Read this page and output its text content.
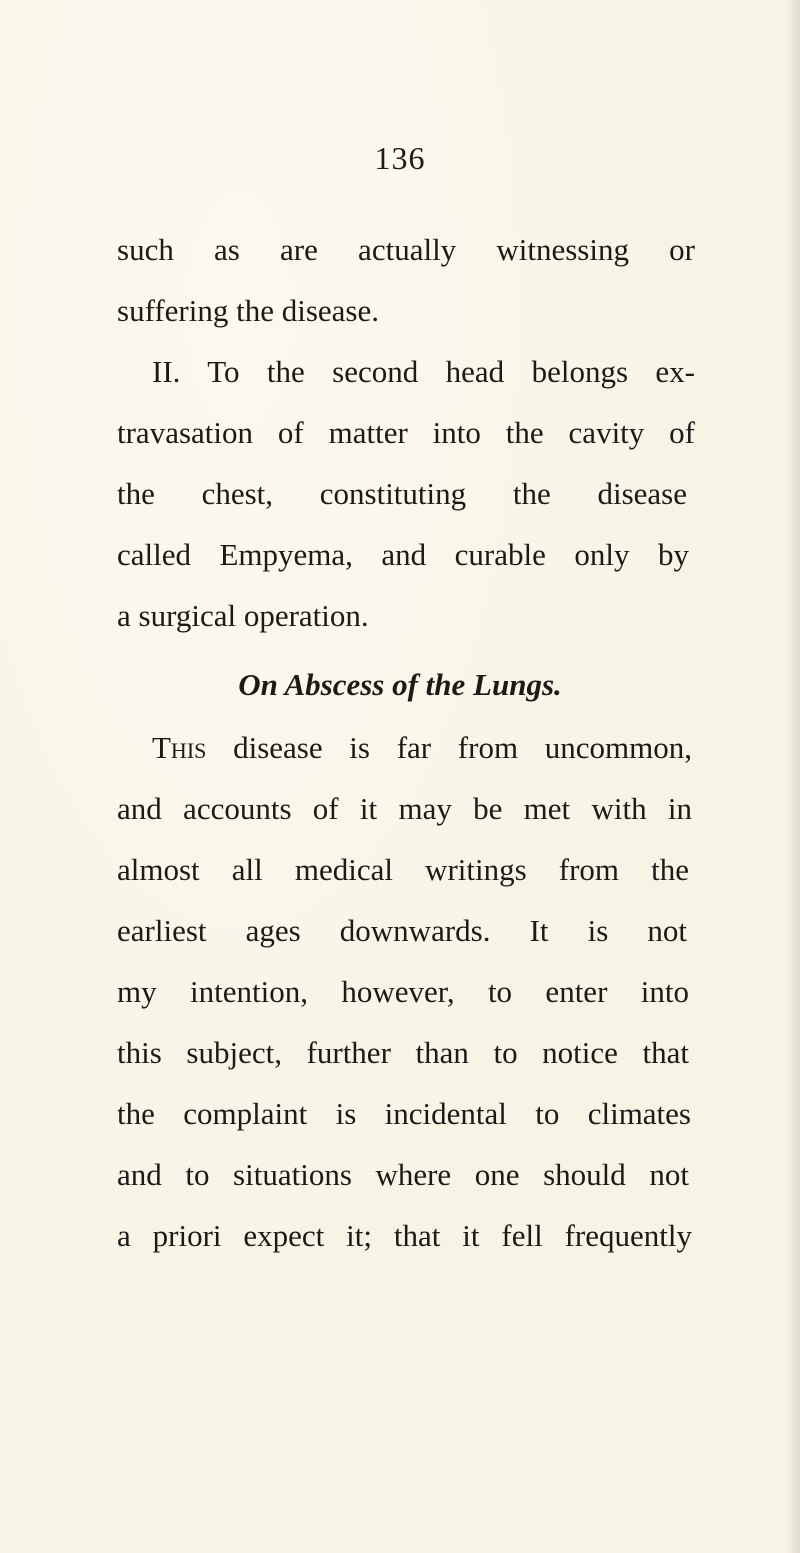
136
such as are actually witnessing or
suffering the disease.
II. To the second head belongs ex-
travasation of matter into the cavity of
the chest, constituting the disease
called Empyema, and curable only by
a surgical operation.
On Abscess of the Lungs.
This disease is far from uncommon,
and accounts of it may be met with in
almost all medical writings from the
earliest ages downwards. It is not
my intention, however, to enter into
this subject, further than to notice that
the complaint is incidental to climates
and to situations where one should not
a priori expect it; that it fell frequently
